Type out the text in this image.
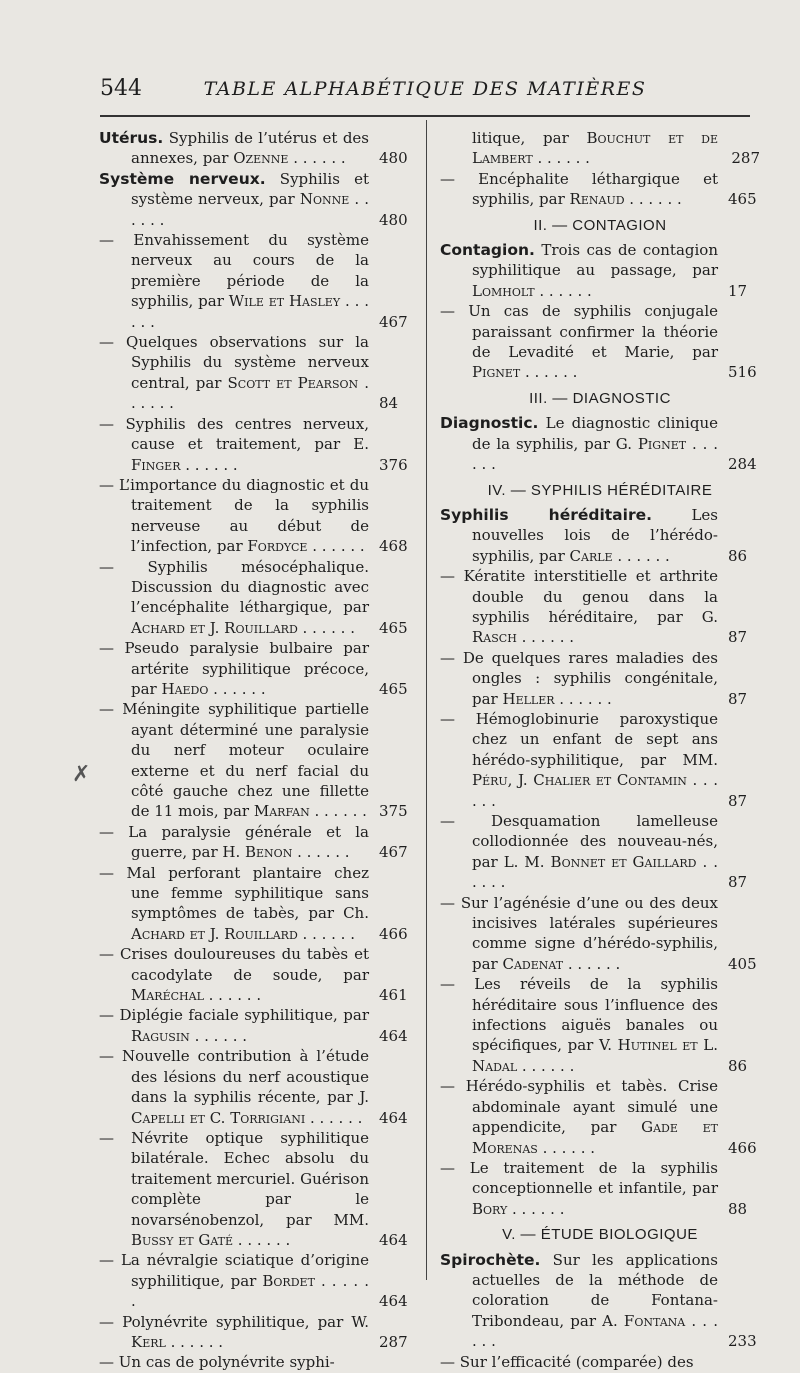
544	TABLE ALPHABÉTIQUE DES MATIÈRES
✗
Utérus. Syphilis de l’utérus et des annexes, par Ozenne . . . . . . 480
Système nerveux. Syphilis et système nerveux, par Nonne . . . . . .	480
— Envahissement du système nerveux au cours de la première période de la syphilis, par Wile et Hasley . . . . . .	467
— Quelques observations sur la Syphilis du système nerveux central, par Scott et Pearson . . . . . .	84
— Syphilis des centres nerveux, cause et traitement, par E. Finger . . . . . .	376
— L’importance du diagnostic et du traitement de la syphilis nerveuse au début de l’infection, par Fordyce . . . . . . 468
— Syphilis mésocéphalique. Discussion du diagnostic avec l’encéphalite léthargique, par Achard et J. Rouillard . . . . . . 465
— Pseudo paralysie bulbaire par artérite syphilitique précoce, par Haedo . . . . . .	465
— Méningite syphilitique partielle ayant déterminé une paralysie du nerf moteur oculaire externe et du nerf facial du côté gauche chez une fillette de 11 mois, par Marfan . . . . . . 375
— La paralysie générale et la guerre, par H. Benon . . . . . . 467
— Mal perforant plantaire chez une femme syphilitique sans symptômes de tabès, par Ch. Achard et J. Rouillard . . . . . . 466
— Crises douloureuses du tabès et cacodylate de soude, par Maréchal . . . . . .	461
— Diplégie faciale syphilitique, par Ragusin . . . . . .	464
— Nouvelle contribution à l’étude des lésions du nerf acoustique dans la syphilis récente, par J. Capelli et C. Torrigiani . . . . . . 464
— Névrite optique syphilitique bilatérale. Echec absolu du traitement mercuriel. Guérison complète par le novarsénobenzol, par MM. Bussy et Gaté . . . . . .	464
— La névralgie sciatique d’origine syphilitique, par Bordet . . . . . .	464
— Polynévrite syphilitique, par W. Kerl . . . . . .	287
— Un cas de polynévrite syphi-
litique, par Bouchut et de Lambert . . . . . .	287
— Encéphalite léthargique et syphilis, par Renaud . . . . . .	465
II. — CONTAGION
Contagion. Trois cas de contagion syphilitique au passage, par Lomholt . . . . . .	17
— Un cas de syphilis conjugale paraissant confirmer la théorie de Levadité et Marie, par Pignet . . . . . .	516
III. — DIAGNOSTIC
Diagnostic. Le diagnostic clinique de la syphilis, par G. Pignet . . . . . .	284
IV. — SYPHILIS HÉRÉDITAIRE
Syphilis héréditaire. Les nouvelles lois de l’hérédo-syphilis, par Carle . . . . . .	86
— Kératite interstitielle et arthrite double du genou dans la syphilis héréditaire, par G. Rasch . . . . . .	87
— De quelques rares maladies des ongles : syphilis congénitale, par Heller . . . . . .	87
— Hémoglobinurie paroxystique chez un enfant de sept ans hérédo-syphilitique, par MM. Péru, J. Chalier et Contamin . . . . . .	87
— Desquamation lamelleuse collodionnée des nouveau-nés, par L. M. Bonnet et Gaillard . . . . . .	87
— Sur l’agénésie d’une ou des deux incisives latérales supérieures comme signe d’hérédo-syphilis, par Cadenat . . . . . .	405
— Les réveils de la syphilis héréditaire sous l’influence des infections aiguës banales ou spécifiques, par V. Hutinel et L. Nadal . . . . . .	86
— Hérédo-syphilis et tabès. Crise abdominale ayant simulé une appendicite, par Gade et Morenas . . . . . .	466
— Le traitement de la syphilis conceptionnelle et infantile, par Bory . . . . . .	88
V. — ÉTUDE BIOLOGIQUE
Spirochète. Sur les applications actuelles de la méthode de coloration de Fontana-Tribondeau, par A. Fontana . . . . . .	233
— Sur l’efficacité (comparée) des
